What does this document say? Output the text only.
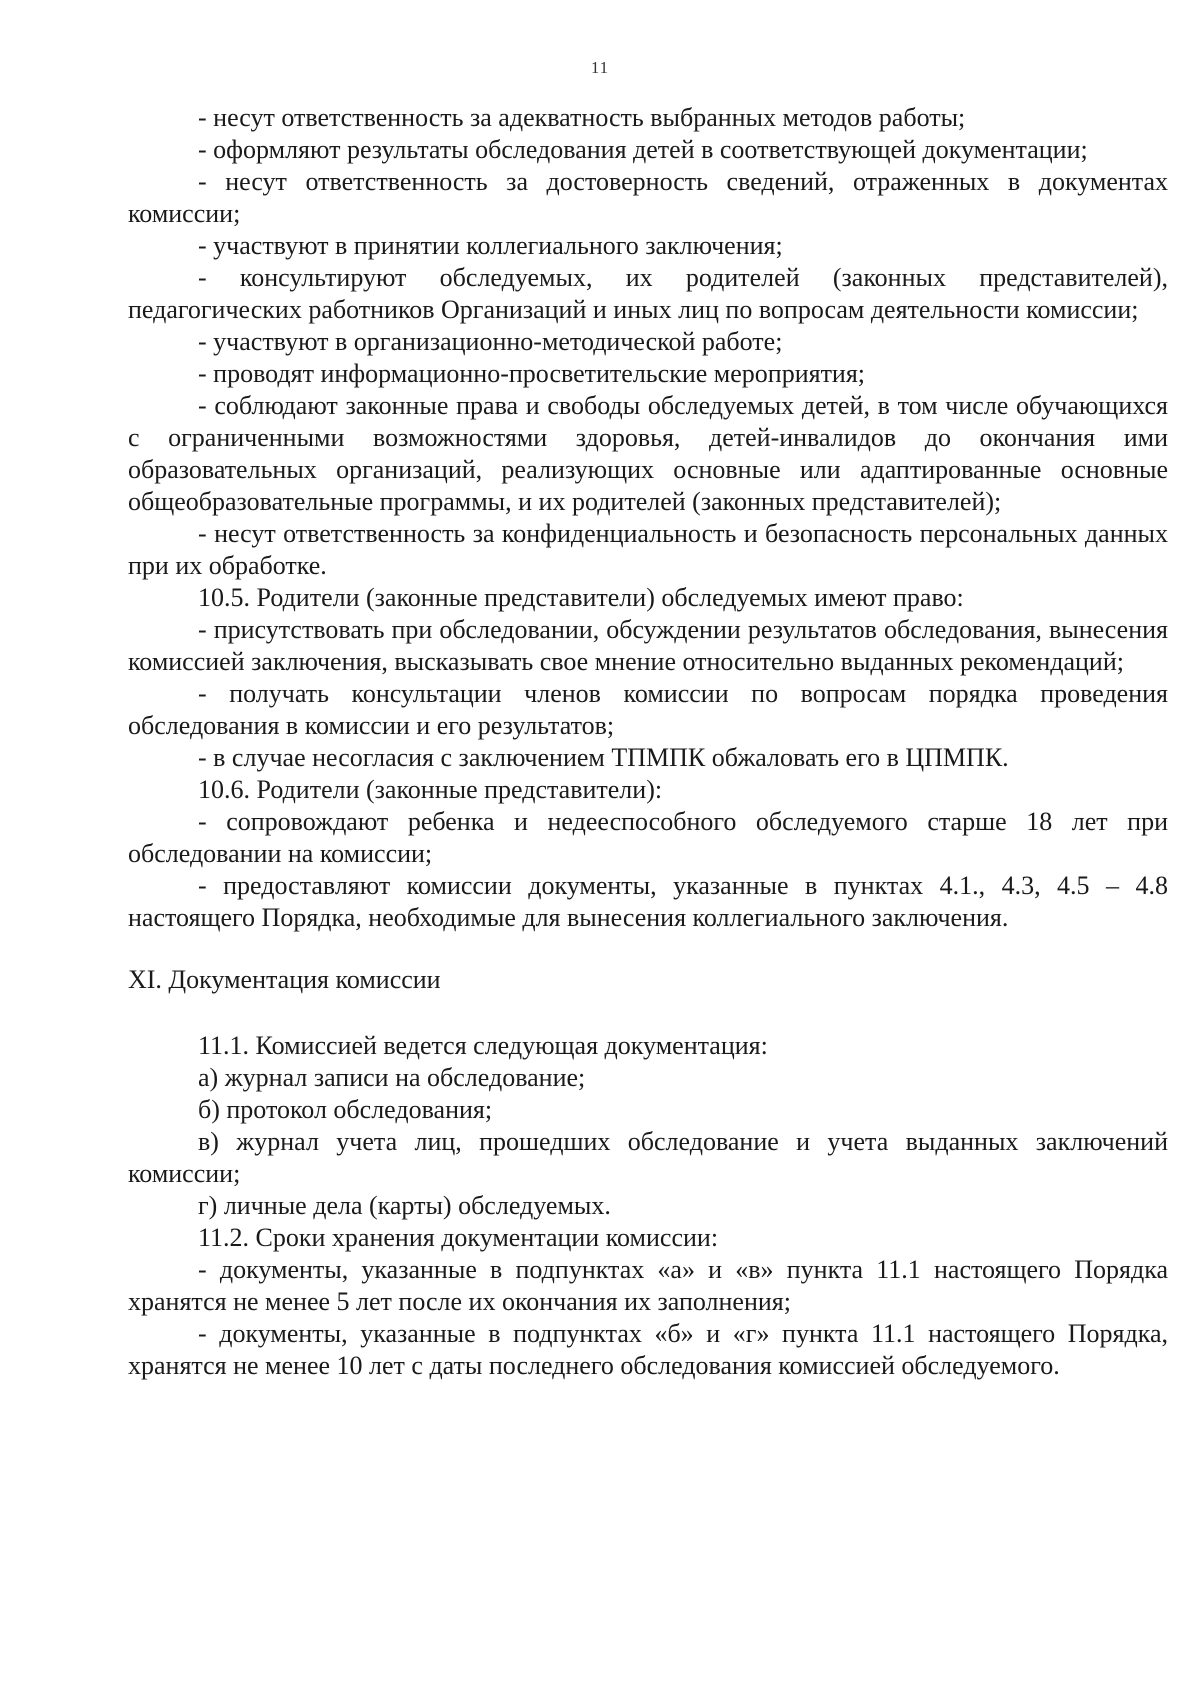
11

- несут ответственность за адекватность выбранных методов работы;

- оформляют результаты обследования детей в соответствующей документации;

- несут ответственность за достоверность сведений, отраженных в документах комиссии;

- участвуют в принятии коллегиального заключения;

- консультируют обследуемых, их родителей (законных представителей), педагогических работников Организаций и иных лиц по вопросам деятельности комиссии;

- участвуют в организационно-методической работе;

- проводят информационно-просветительские мероприятия;

- соблюдают законные права и свободы обследуемых детей, в том числе обучающихся с ограниченными возможностями здоровья, детей-инвалидов до окончания ими образовательных организаций, реализующих основные или адаптированные основные общеобразовательные программы, и их родителей (законных представителей);

- несут ответственность за конфиденциальность и безопасность персональных данных при их обработке.

10.5. Родители (законные представители) обследуемых имеют право:

- присутствовать при обследовании, обсуждении результатов обследования, вынесения комиссией заключения, высказывать свое мнение относительно выданных рекомендаций;

- получать консультации членов комиссии по вопросам порядка проведения обследования в комиссии и его результатов;

- в случае несогласия с заключением ТПМПК обжаловать его в ЦПМПК.

10.6. Родители (законные представители):

- сопровождают ребенка и недееспособного обследуемого старше 18 лет при обследовании на комиссии;

- предоставляют комиссии документы, указанные в пунктах 4.1., 4.3, 4.5 – 4.8 настоящего Порядка, необходимые для вынесения коллегиального заключения.

XI. Документация комиссии

11.1. Комиссией ведется следующая документация:

а) журнал записи на обследование;

б) протокол обследования;

в) журнал учета лиц, прошедших обследование и учета выданных заключений комиссии;

г) личные дела (карты) обследуемых.

11.2. Сроки хранения документации комиссии:

- документы, указанные в подпунктах «а» и «в» пункта 11.1 настоящего Порядка хранятся не менее 5 лет после их окончания их заполнения;

- документы, указанные в подпунктах «б» и «г» пункта 11.1 настоящего Порядка, хранятся не менее 10 лет с даты последнего обследования комиссией обследуемого.
